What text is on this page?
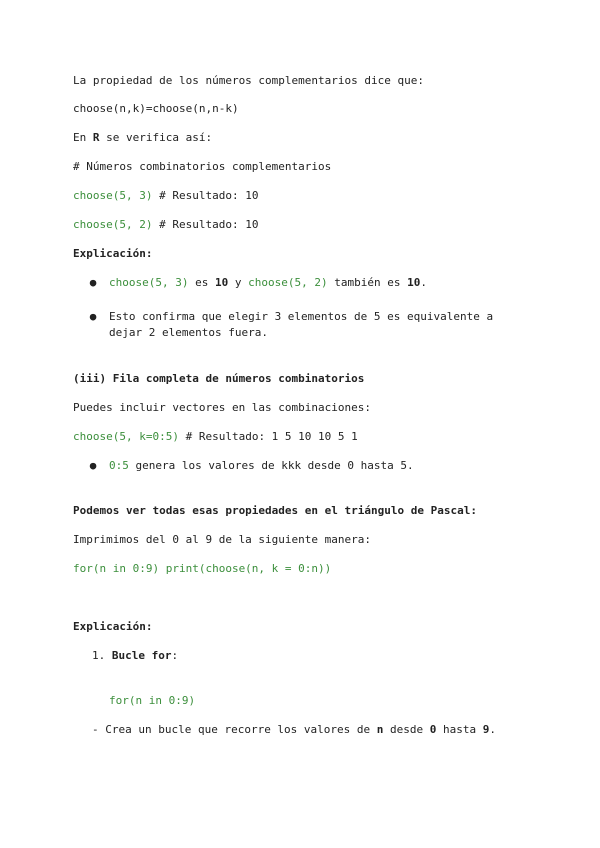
La propiedad de los números complementarios dice que:
choose(n,k)=choose(n,n-k)
En R se verifica así:
# Números combinatorios complementarios
choose(5, 3) # Resultado: 10
choose(5, 2) # Resultado: 10
Explicación:
● choose(5, 3) es 10 y choose(5, 2) también es 10.
● Esto confirma que elegir 3 elementos de 5 es equivalente a
dejar 2 elementos fuera.
(iii) Fila completa de números combinatorios
Puedes incluir vectores en las combinaciones:
choose(5, k=0:5) # Resultado: 1 5 10 10 5 1
● 0:5 genera los valores de kkk desde 0 hasta 5.
Podemos ver todas esas propiedades en el triángulo de Pascal:
Imprimimos del 0 al 9 de la siguiente manera:
for(n in 0:9) print(choose(n, k = 0:n))
Explicación:
1. Bucle for:
for(n in 0:9)
- Crea un bucle que recorre los valores de n desde 0 hasta 9.
